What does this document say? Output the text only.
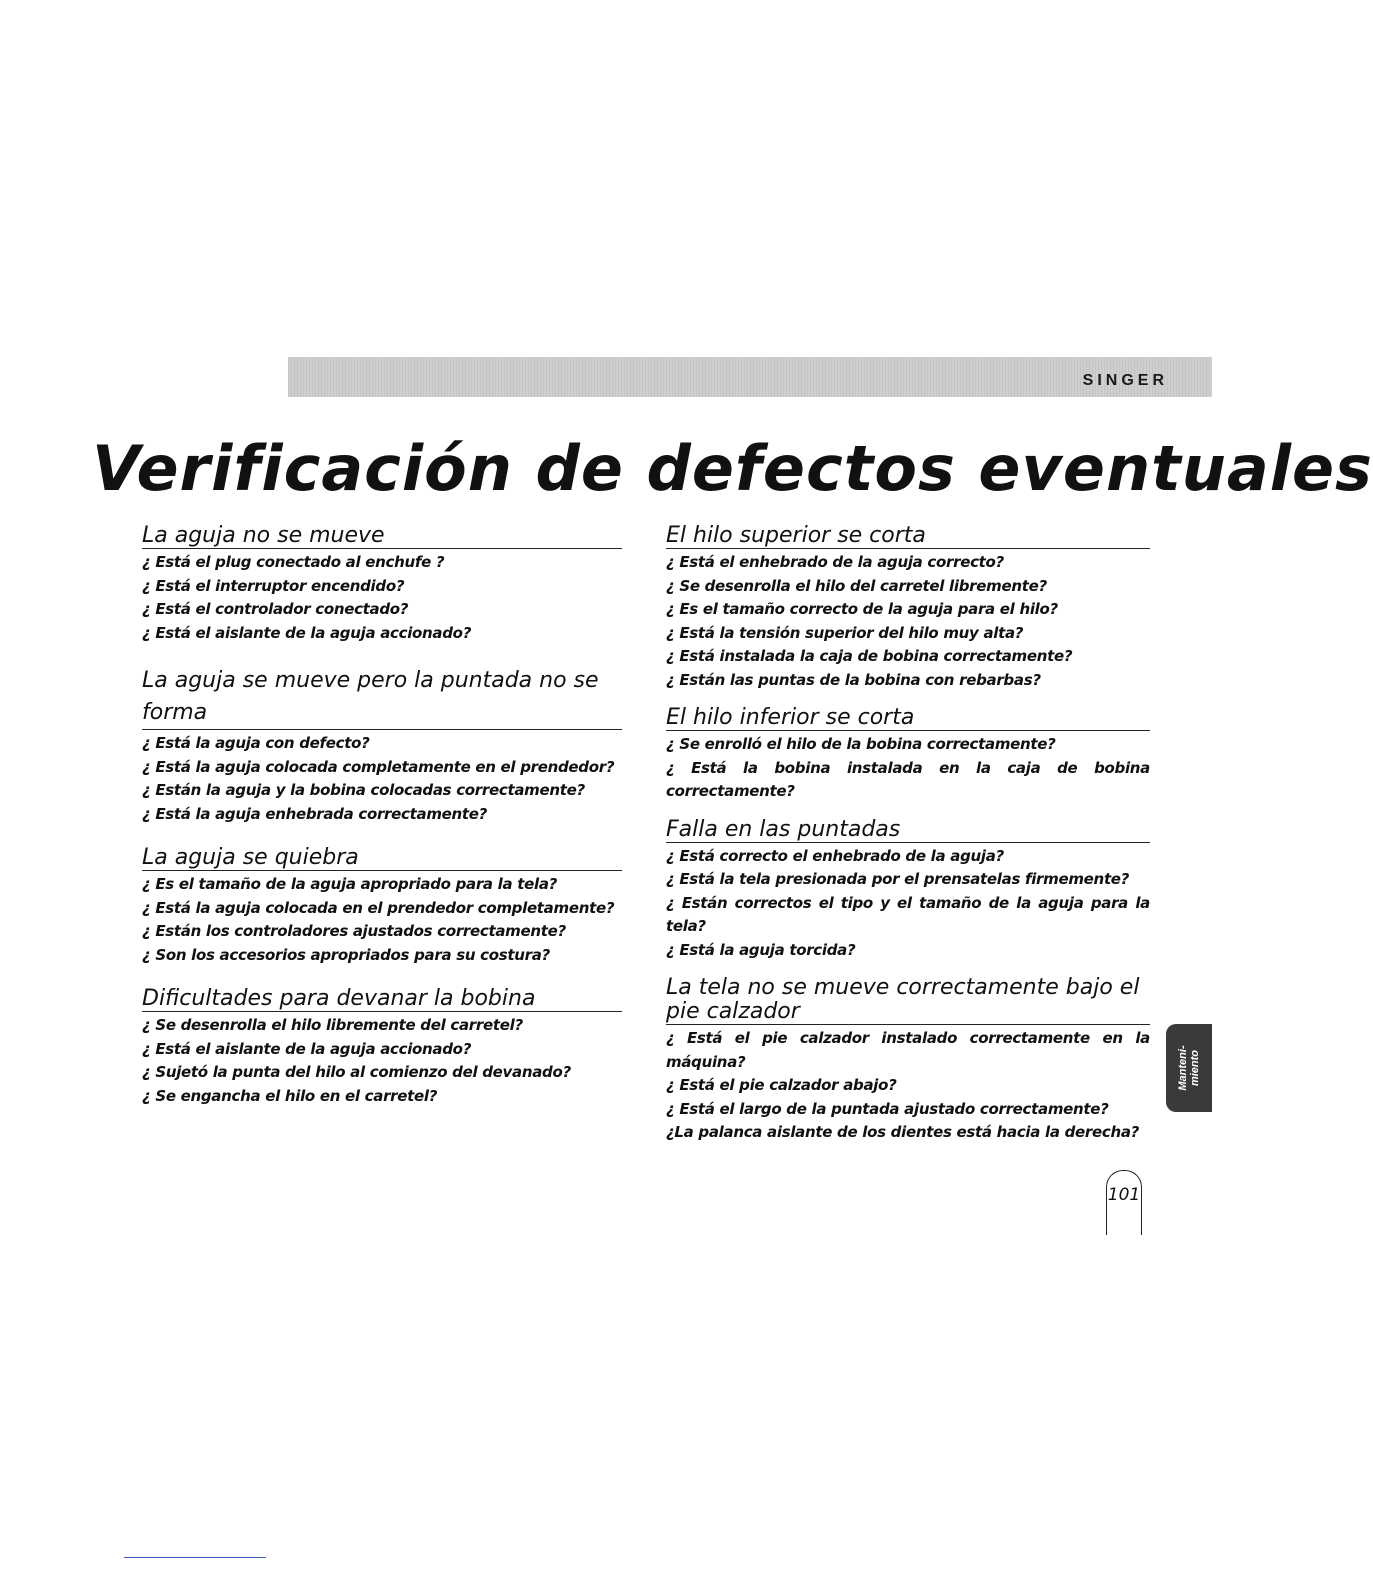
SINGER
Verificación de defectos eventuales
La aguja no se mueve
¿ Está el plug conectado al enchufe ?
¿ Está el interruptor encendido?
¿ Está el controlador conectado?
¿ Está el aislante de la aguja accionado?
La aguja se mueve pero la puntada no se forma
¿ Está la aguja con defecto?
¿ Está la aguja colocada completamente en el prendedor?
¿ Están la aguja y la bobina colocadas correctamente?
¿ Está la aguja enhebrada correctamente?
La aguja se quiebra
¿ Es el tamaño de la aguja apropriado para la tela?
¿ Está la aguja colocada en el prendedor completamente?
¿ Están los controladores ajustados correctamente?
¿ Son los accesorios apropriados para su costura?
Dificultades para devanar la bobina
¿ Se desenrolla el hilo libremente del carretel?
¿ Está el aislante de la aguja accionado?
¿ Sujetó la punta del hilo al comienzo del devanado?
¿ Se engancha el hilo en el carretel?
El hilo superior se corta
¿ Está el enhebrado de la aguja correcto?
¿ Se desenrolla el hilo del carretel libremente?
¿ Es el tamaño correcto de la aguja para el hilo?
¿ Está la tensión superior del hilo muy alta?
¿ Está instalada la caja de bobina correctamente?
¿ Están las puntas de la bobina con rebarbas?
El hilo inferior se corta
¿ Se enrolló el hilo de la bobina correctamente?
¿ Está la bobina instalada en la caja de bobina correctamente?
Falla en las puntadas
¿ Está correcto el enhebrado de la aguja?
¿ Está la tela presionada por el prensatelas firmemente?
¿ Están correctos el tipo y el tamaño de la aguja para la tela?
¿ Está la aguja torcida?
La tela no se mueve correctamente bajo el pie calzador
¿ Está el pie calzador instalado correctamente en la máquina?
¿ Está el pie calzador abajo?
¿ Está el largo de la puntada ajustado correctamente?
¿La palanca aislante de los dientes está hacia la derecha?
Manteni-
miento
101
